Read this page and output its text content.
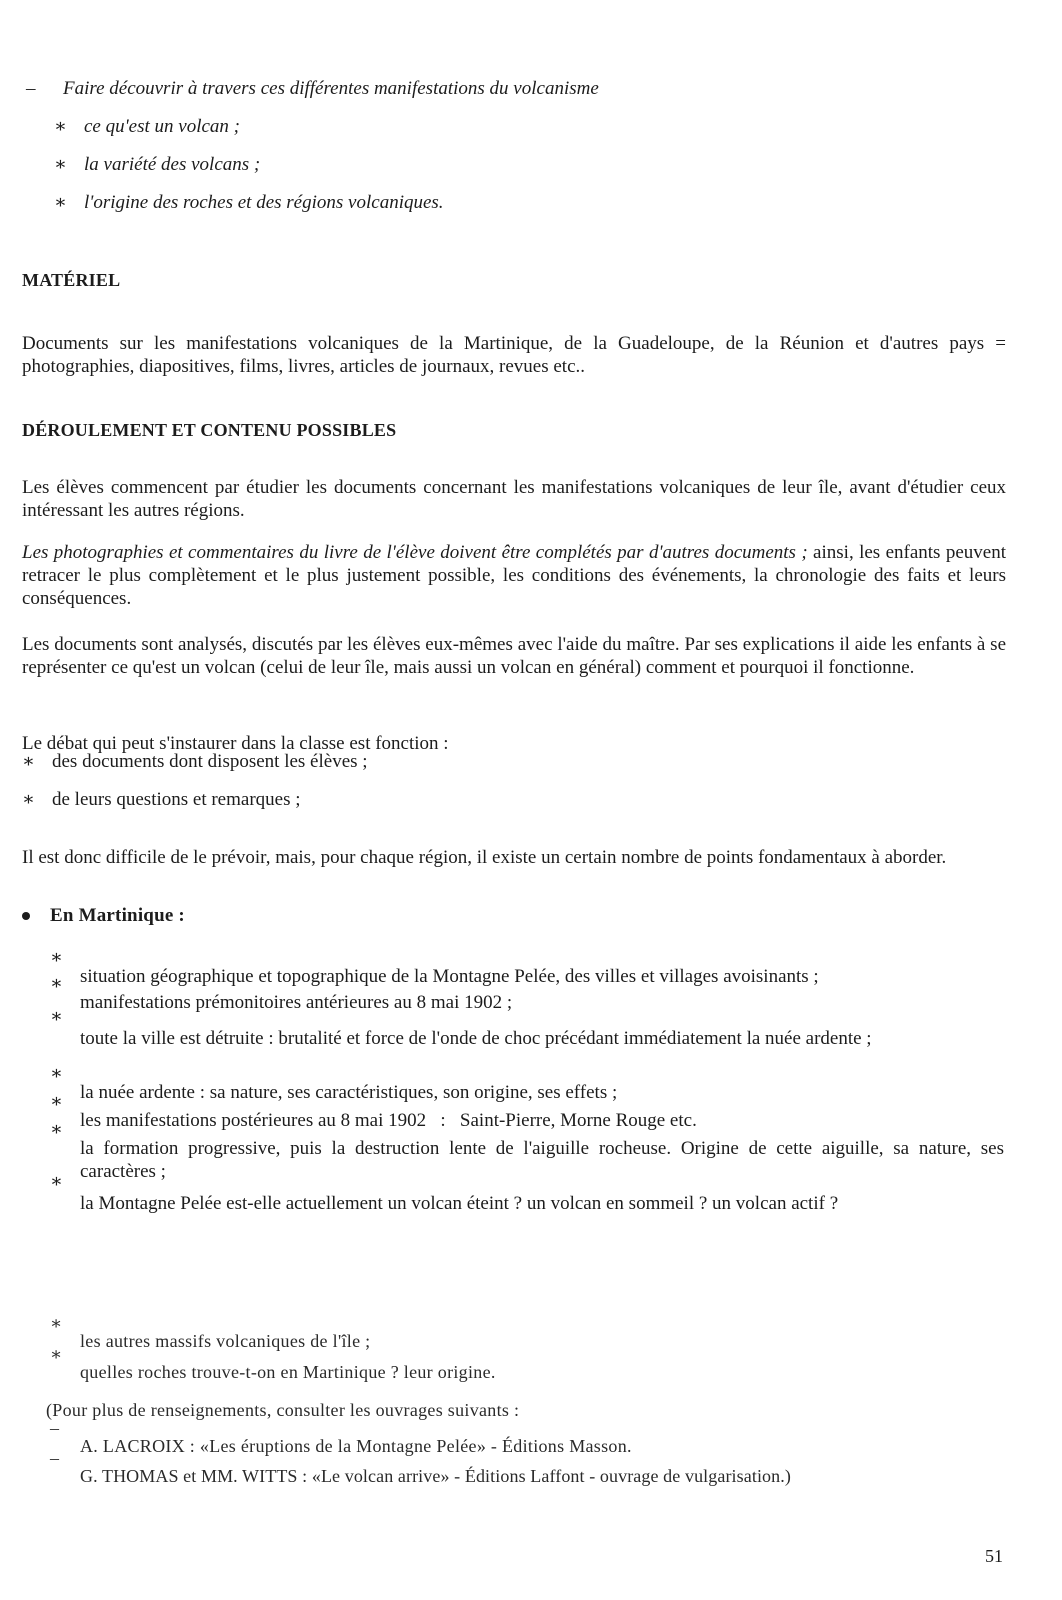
– Faire découvrir à travers ces différentes manifestations du volcanisme
∗ ce qu'est un volcan ;
∗ la variété des volcans ;
∗ l'origine des roches et des régions volcaniques.
MATÉRIEL

Documents sur les manifestations volcaniques de la Martinique, de la Guadeloupe, de la Réunion et d'autres pays = photographies, diapositives, films, livres, articles de journaux, revues etc..

DÉROULEMENT ET CONTENU POSSIBLES

Les élèves commencent par étudier les documents concernant les manifestations volcaniques de leur île, avant d'étudier ceux intéressant les autres régions.

Les photographies et commentaires du livre de l'élève doivent être complétés par d'autres documents ; ainsi, les enfants peuvent retracer le plus complètement et le plus justement possible, les conditions des événements, la chronologie des faits et leurs conséquences.

Les documents sont analysés, discutés par les élèves eux-mêmes avec l'aide du maître. Par ses explications il aide les enfants à se représenter ce qu'est un volcan (celui de leur île, mais aussi un volcan en général) comment et pourquoi il fonctionne.

Le débat qui peut s'instaurer dans la classe est fonction :

∗ des documents dont disposent les élèves ;
∗ de leurs questions et remarques ;

Il est donc difficile de le prévoir, mais, pour chaque région, il existe un certain nombre de points fondamentaux à aborder.

En Martinique :
∗

situation géographique et topographique de la Montagne Pelée, des villes et villages avoisinants ;

∗

manifestations prémonitoires antérieures au 8 mai 1902 ;

∗

toute la ville est détruite : brutalité et force de l'onde de choc précédant immédiatement la nuée ardente ;

∗

la nuée ardente : sa nature, ses caractéristiques, son origine, ses effets ;

∗

les manifestations postérieures au 8 mai 1902   :   Saint-Pierre, Morne Rouge etc.

∗

la formation progressive, puis la destruction lente de l'aiguille rocheuse. Origine de cette aiguille, sa nature, ses caractères ;

∗

la Montagne Pelée est-elle actuellement un volcan éteint ? un volcan en sommeil ? un volcan actif ?

∗

les autres massifs volcaniques de l'île ;

∗

quelles roches trouve-t-on en Martinique ? leur origine.

(Pour plus de renseignements, consulter les ouvrages suivants :

–

A. LACROIX : «Les éruptions de la Montagne Pelée» - Éditions Masson.

–

G. THOMAS et MM. WITTS : «Le volcan arrive» - Éditions Laffont - ouvrage de vulgarisation.)

51
